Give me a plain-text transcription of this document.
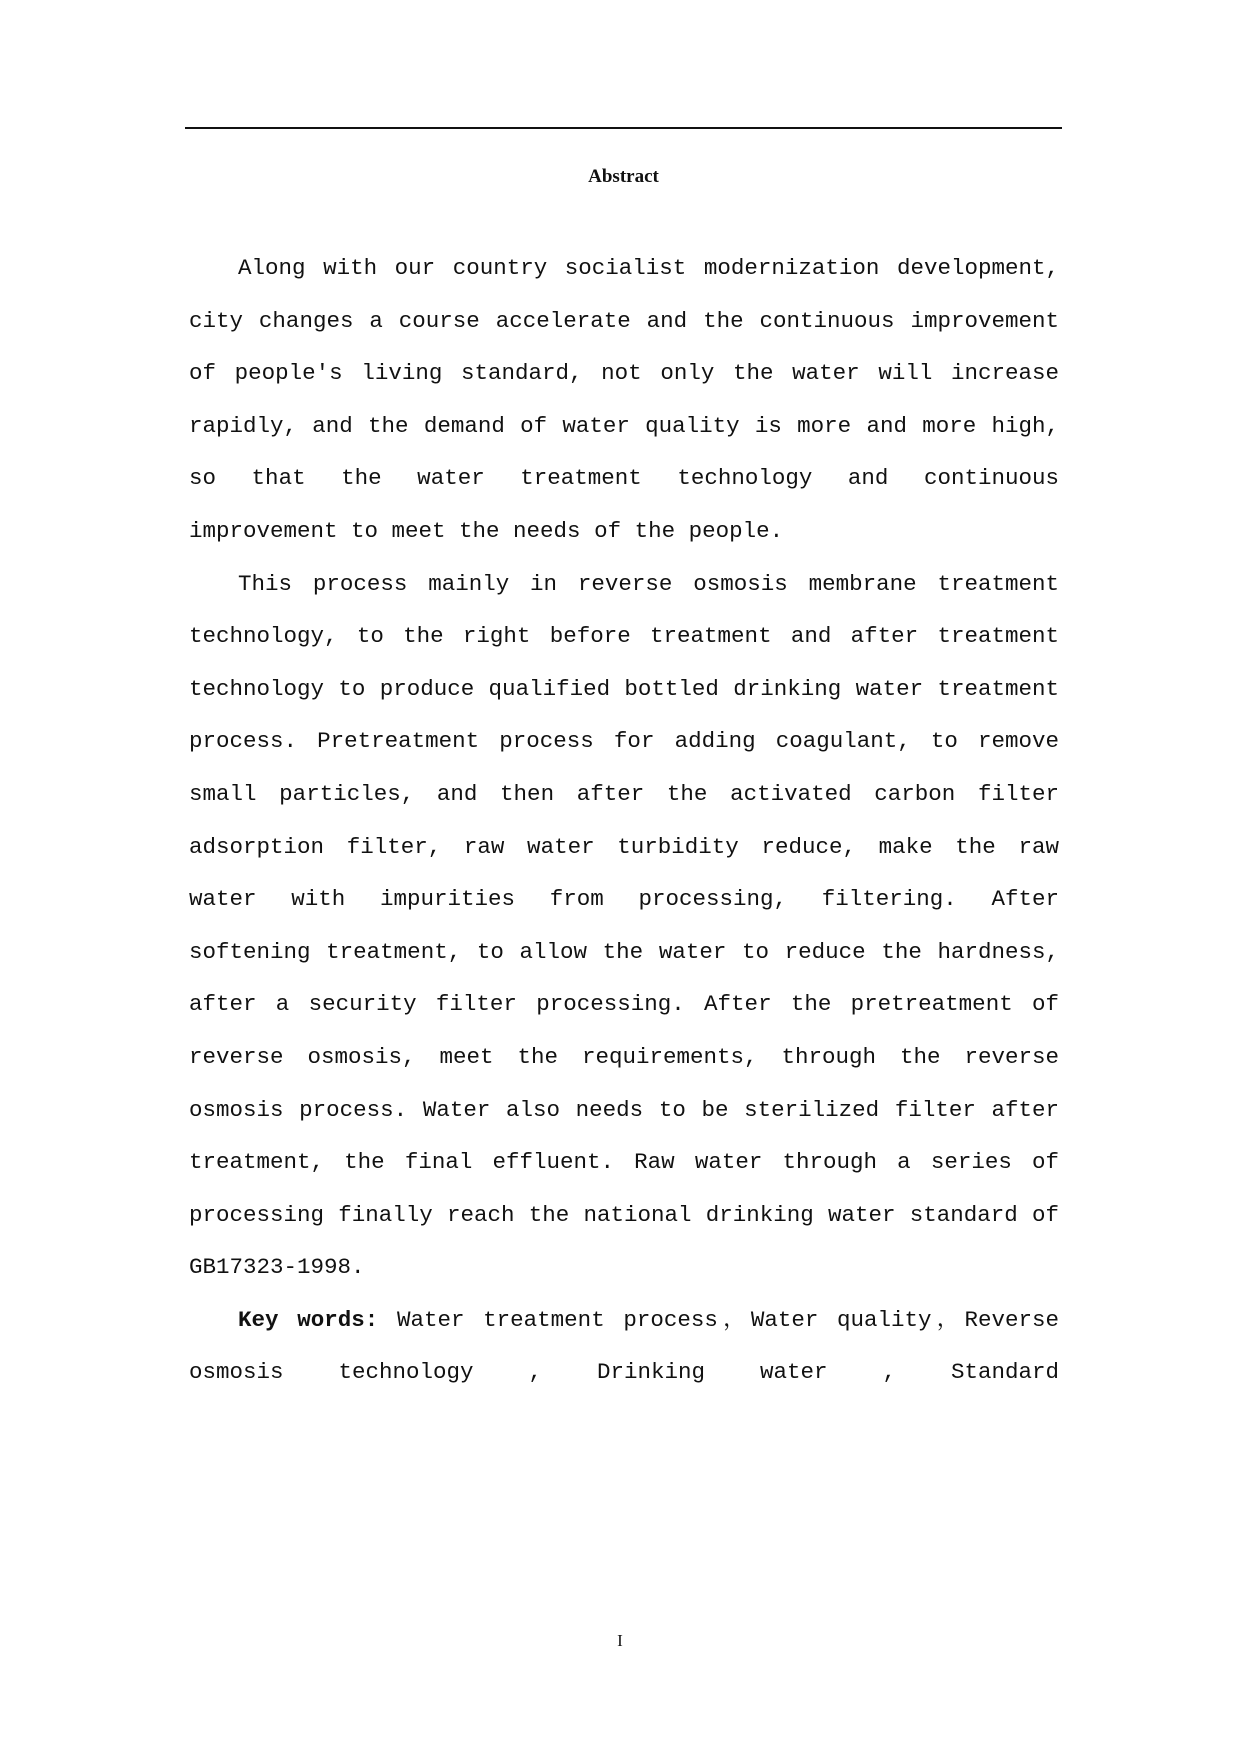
Abstract

Along with our country socialist modernization development, city changes a course accelerate and the continuous improvement of people's living standard, not only the water will increase rapidly, and the demand of water quality is more and more high, so that the water treatment technology and continuous improvement to meet the needs of the people.

This process mainly in reverse osmosis membrane treatment technology, to the right before treatment and after treatment technology to produce qualified bottled drinking water treatment process. Pretreatment process for adding coagulant, to remove small particles, and then after the activated carbon filter adsorption filter, raw water turbidity reduce, make the raw water with impurities from processing, filtering. After softening treatment, to allow the water to reduce the hardness, after a security filter processing. After the pretreatment of reverse osmosis, meet the requirements, through the reverse osmosis process. Water also needs to be sterilized filter after treatment, the final effluent. Raw water through a series of processing finally reach the national drinking water standard of GB17323-1998.

Key words: Water treatment process，Water quality，Reverse osmosis technology , Drinking water , Standard

I
